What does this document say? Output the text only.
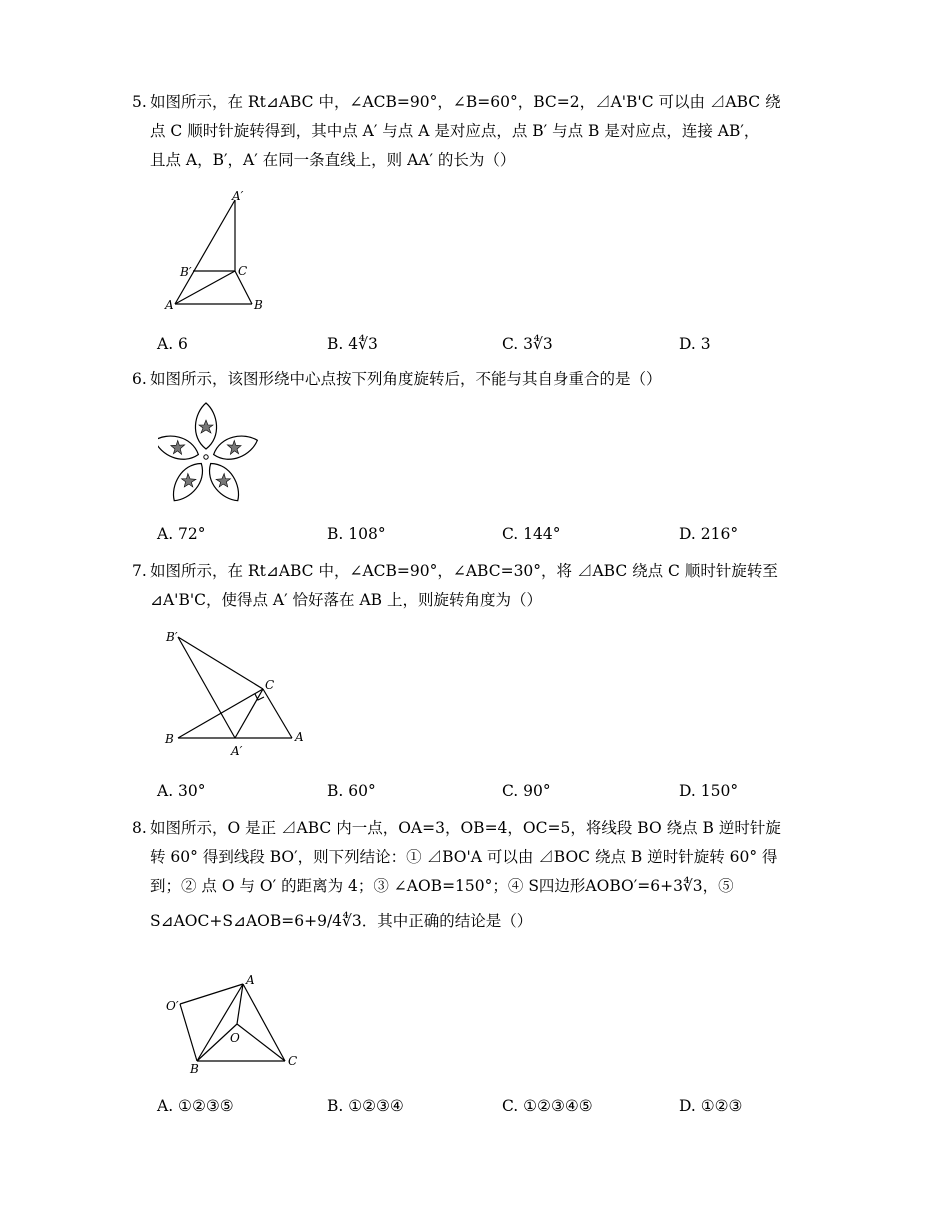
5. 如图所示，在 Rt⊿ABC 中，∠ACB=90°，∠B=60°，BC=2，⊿A'B'C 可以由 ⊿ABC 绕
点 C 顺时针旋转得到，其中点 A′ 与点 A 是对应点，点 B′ 与点 B 是对应点，连接 AB′，
且点 A，B′，A′ 在同一条直线上，则 AA′ 的长为（）
A′
B′	C
A	B
A. 6	B. 4∜3	C. 3∜3	D. 3
6. 如图所示，该图形绕中心点按下列角度旋转后，不能与其自身重合的是（）
A. 72°	B. 108°	C. 144°	D. 216°
7. 如图所示，在 Rt⊿ABC 中，∠ACB=90°，∠ABC=30°，将 ⊿ABC 绕点 C 顺时针旋转至
⊿A'B'C，使得点 A′ 恰好落在 AB 上，则旋转角度为（）
B′
C
B
A′
A
A. 30°	B. 60°	C. 90°	D. 150°
8. 如图所示，O 是正 ⊿ABC 内一点，OA=3，OB=4，OC=5，将线段 BO 绕点 B 逆时针旋
转 60° 得到线段 BO′，则下列结论：① ⊿BO'A 可以由 ⊿BOC 绕点 B 逆时针旋转 60° 得
到；② 点 O 与 O′ 的距离为 4；③ ∠AOB=150°；④ S四边形AOBO′=6+3∜3，⑤
S⊿AOC+S⊿AOB=6+9/4∜3．其中正确的结论是（）
A
O′
O
B
C
A. ①②③⑤	B. ①②③④	C. ①②③④⑤	D. ①②③
